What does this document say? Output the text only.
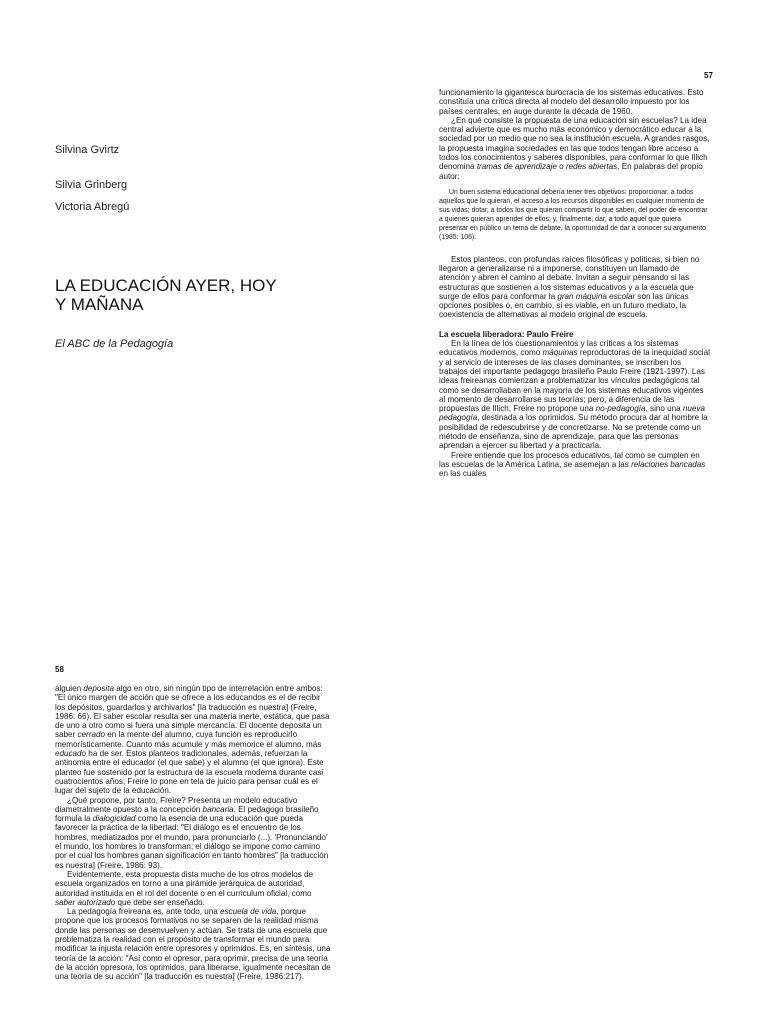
Silvina Gvirtz
Silvia Grinberg
Victoria Abregú
LA EDUCACIÓN AYER, HOY
Y MAÑANA
El ABC de la Pedagogía
57

funcionamiento la gigantesca burocracia de los sistemas educativos. Esto constituía una crítica directa al modelo del desarrollo impuesto por los países centrales, en auge durante la década de 1960.

¿En qué consiste la propuesta de una educación sin escuelas? La idea central advierte que es mucho más económico y democrático educar a la sociedad por un medio que no sea la institución escuela. A grandes rasgos, la propuesta imagina sociedades en las que todos tengan libre acceso a todos los conocimientos y saberes disponibles, para conformar lo que Illich denomina tramas de aprendizaje o redes abiertas. En palabras del propio autor:

Un buen sistema educacional debería tener tres objetivos: proporcionar, a todos aquellos que lo quieran, el acceso a los recursos disponibles en cualquier momento de sus vidas; dotar, a todos los que quieran compartir lo que saben, del poder de encontrar a quienes quieran aprender de ellos; y, finalmente, dar, a todo aquel que quiera presentar en público un tema de debate, la oportunidad de dar a conocer su argumento (1985: 106).

Estos planteos, con profundas raíces filosóficas y políticas, si bien no llegaron a generalizarse ni a imponerse, constituyen un llamado de atención y abren el camino al debate. Invitan a seguir pensando si las estructuras que sostienen a los sistemas educativos y a la escuela que surge de ellos para conformar la gran máquina escolar son las únicas opciones posibles o, en cambio, si es viable, en un futuro mediato, la coexistencia de alternativas al modelo original de escuela.

La escuela liberadora: Paulo Freire

En la línea de los cuestionamientos y las críticas a los sistemas educativos modernos, como máquinas reproductoras de la inequidad social y al servicio de intereses de las clases dominantes, se inscriben los trabajos del importante pedagogo brasileño Paulo Freire (1921-1997). Las ideas freireanas comienzan a problematizar los vínculos pedagógicos tal como se desarrollaban en la mayoría de los sistemas educativos vigentes al momento de desarrollarse sus teorías; pero, a diferencia de las propuestas de Illich, Freire no propone una no-pedagogía, sino una nueva pedagogía, destinada a los oprimidos. Su método procura dar al hombre la posibilidad de redescubrirse y de concretizarse. No se pretende como un método de enseñanza, sino de aprendizaje, para que las personas aprendan a ejercer su libertad y a practicarla.

Freire entiende que los procesos educativos, tal como se cumplen en las escuelas de la América Latina, se asemejan a las relaciones bancadas en las cuales

58

alguien deposita algo en otro, sin ningún tipo de interrelación entre ambos: "El único margen de acción que se ofrece a los educandos es el de recibir los depósitos, guardarlos y archivarlos" [la traducción es nuestra] (Freire, 1986: 66). El saber escolar resulta ser una materia inerte, estática, que pasa de uno a otro como si fuera una simple mercancía. El docente deposita un saber cerrado en la mente del alumno, cuya función es reproducirlo memorísticamente. Cuanto más acumule y más memorice el alumno, más educado ha de ser. Estos planteos tradicionales, además, refuerzan la antinomia entre el educador (el que sabe) y el alumno (el que ignora). Este planteo fue sostenido por la estructura de la escuela moderna durante casi cuatrocientos años; Freire lo pone en tela de juicio para pensar cuál es el lugar del sujeto de la educación.

¿Qué propone, por tanto, Freire? Presenta un modelo educativo diametralmente opuesto a la concepción bancaria. El pedagogo brasileño formula la dialogicidad como la esencia de una educación que pueda favorecer la práctica de la libertad: "El diálogo es el encuentro de los hombres, mediatizados por el mundo, para pronunciarlo (...). 'Pronunciando' el mundo, los hombres lo transforman; el diálogo se impone como camino por el cual los hombres ganan significación en tanto hombres" [la traducción es nuestra] (Freire, 1986: 93).

Evidentemente, esta propuesta dista mucho de los otros modelos de escuela organizados en torno a una pirámide jerárquica de autoridad, autoridad instituida en el rol del docente o en el curriculum oficial, como saber autorizado que debe ser enseñado.

La pedagogía freireana es, ante todo, una escuela de vida, porque propone que los procesos formativos no se separen de la realidad misma donde las personas se desenvuelven y actúan. Se trata de una escuela que problematiza la realidad con el propósito de transformar el mundo para modificar la injusta relación entre opresores y oprimidos. Es, en síntesis, una teoría de la acción: "Así como el opresor, para oprimir, precisa de una teoría de la acción opresora, los oprimidos, para liberarse, igualmente necesitan de una teoría de su acción" [la traducción es nuestra] (Freire, 1986:217).
